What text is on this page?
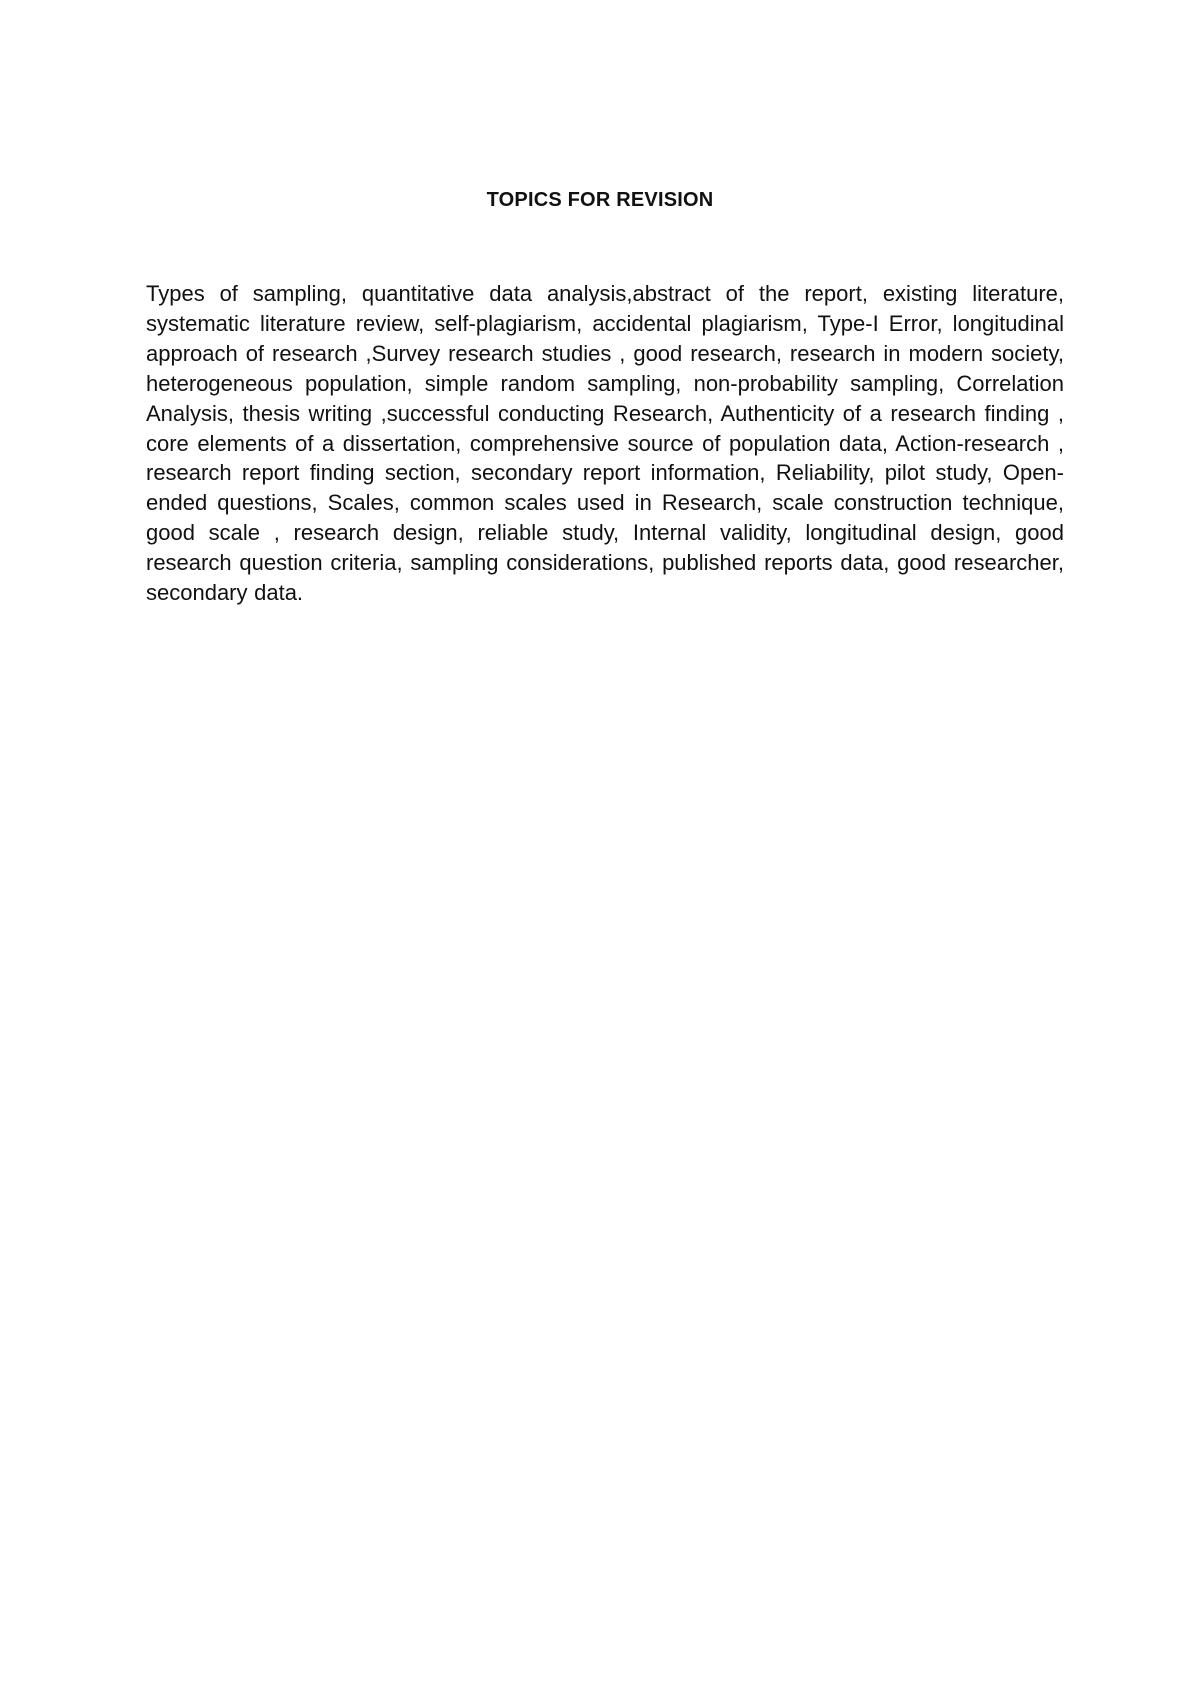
TOPICS FOR REVISION

Types of sampling, quantitative data analysis,abstract of the report, existing literature, systematic literature review, self-plagiarism, accidental plagiarism, Type-I Error, longitudinal approach of research ,Survey research studies , good research, research in modern society, heterogeneous population, simple random sampling, non-probability sampling, Correlation Analysis, thesis writing ,successful conducting Research, Authenticity of a research finding , core elements of a dissertation, comprehensive source of population data, Action-research , research report finding section, secondary report information, Reliability, pilot study, Open-ended questions, Scales, common scales used in Research, scale construction technique, good scale , research design, reliable study, Internal validity, longitudinal design, good research question criteria, sampling considerations, published reports data, good researcher, secondary data.
